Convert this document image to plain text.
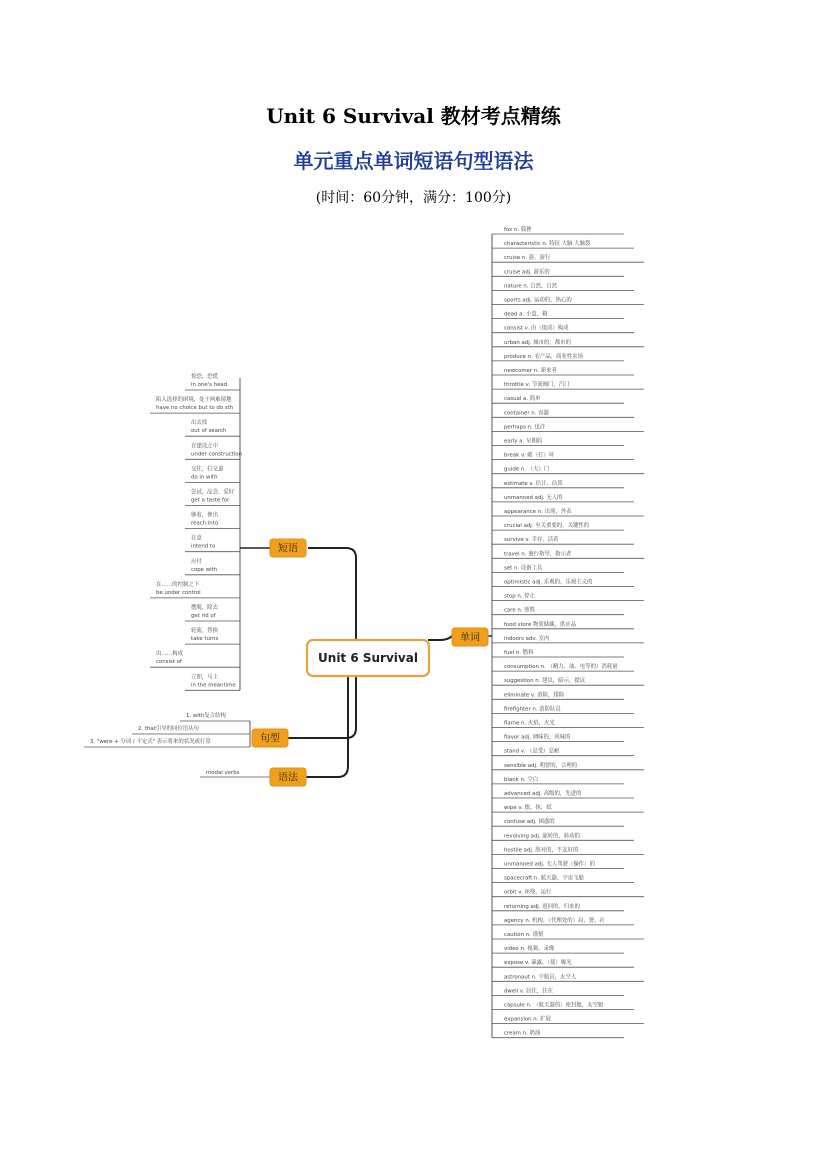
Unit 6 Survival 教材考点精练
单元重点单词短语句型语法
(时间：60分钟，满分：100分)
fox n. 狐狸
characteristic n. 特征 大脑 大脑袋
cruise n. 游，游行
cruise adj. 游乐的
nature n. 自然，自然
sports adj. 运动的，热心的
dead a. 小盒，箱
consist v. 由（组成）构成
urban adj. 城市的，都市的
produce n. 农产品，商业性农场
newcomer n. 新来者
throttle v. 节流阀门，汽门
casual a. 简单
container n. 容器
perhaps n. 也许
early a. 早期的
break v. 破（打）坏
guide n. （大）门
estimate v. 估计，估算
unmanned adj. 无人的
appearance n. 出现，外表
crucial adj. 至关重要的，关键性的
survive v. 幸存，活着
travel n. 旅行指导，指示者
set n. 设备工具
optimistic adj. 乐观的，乐观主义的
stop n. 停止
care n. 照料
food store 物质储藏，供应品
indoors adv. 室内
fuel n. 燃料
consumption n. （精力、油、电等的）消耗量
suggestion n. 建议，暗示，提议
eliminate v. 消除，排除
firefighter n. 消防队员
flame n. 火焰，火光
flavor adj. 调味的，风味的
stand v. （忍受）忍耐
sensible adj. 明智的，合理的
blank n. 空白
advanced adj. 高级的，先进的
wipe v. 擦，抹，拭
confuse adj. 困惑的
revolving adj. 旋转的，转动的
hostile adj. 敌对的，不友好的
unmanned adj. 无人驾驶（操作）的
spacecraft n. 航天器，宇宙飞船
orbit v. 环绕，运行
returning adj. 返回的，归来的
agency n. 机构，（代理处的）局，署，社
caution n. 谨慎
video n. 视频，录像
expose v. 暴露，（使）曝光
astronaut n. 宇航员，太空人
dwell v. 居住，住在
capsule n. （航天器的）密封舱，太空舱
expansion n. 扩展
cream n. 奶油
惊恐，恐慌
in one's head
陷入选择的困境，处于两难境地
have no choice but to do sth
出去找
out of search
在建设之中
under construction
交往，打交道
do in with
尝试，品尝，爱好
get a taste for
够着，伸出
reach into
在意
intend to
应付
cope with
在……的控制之下
be under control
摆脱，除去
get rid of
轮流，替换
take turns
由……构成
consist of
立即，马上
in the meantime
1. with复合结构
2. that引导的同位语从句
3. "were + 分词 / 不定式" 表示将来的状况或打算
modal verbs
Unit 6 Survival
短语
单词
句型
语法
